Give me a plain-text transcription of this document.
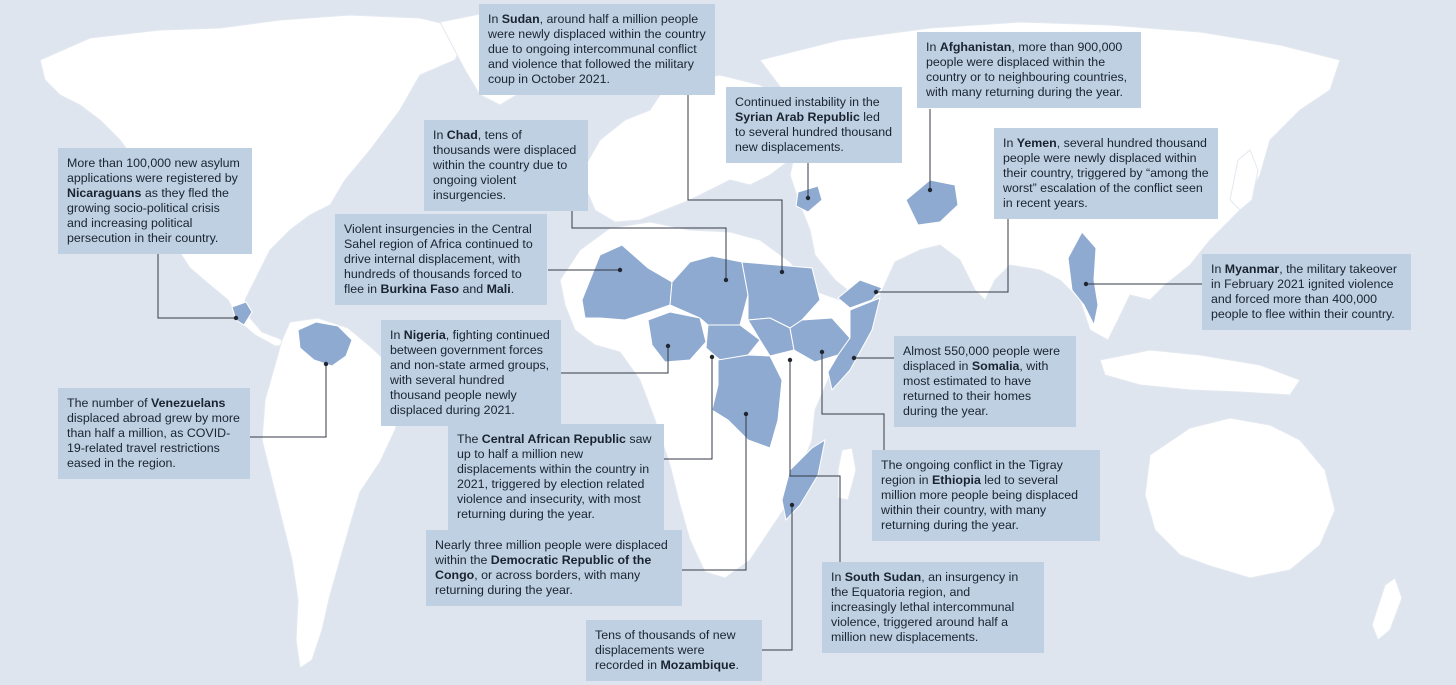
More than 100,000 new asylum applications were registered by Nicaraguans as they fled the growing socio-political crisis and increasing political persecution in their country.
The number of Venezuelans displaced abroad grew by more than half a million, as COVID-19-related travel restrictions eased in the region.
In Chad, tens of thousands were displaced within the country due to ongoing violent insurgencies.
Violent insurgencies in the Central Sahel region of Africa continued to drive internal displacement, with hundreds of thousands forced to flee in Burkina Faso and Mali.
In Nigeria, fighting continued between government forces and non-state armed groups, with several hundred thousand people newly displaced during 2021.
The Central African Republic saw up to half a million new displacements within the country in 2021, triggered by election related violence and insecurity, with most returning during the year.
Nearly three million people were displaced within the Democratic Republic of the Congo, or across borders, with many returning during the year.
Tens of thousands of new displacements were recorded in Mozambique.
In Sudan, around half a million people were newly displaced within the country due to ongoing intercommunal conflict and violence that followed the military coup in October 2021.
Continued instability in the Syrian Arab Republic led to several hundred thousand new displacements.
In Afghanistan, more than 900,000 people were displaced within the country or to neighbouring countries, with many returning during the year.
In Yemen, several hundred thousand people were newly displaced within their country, triggered by “among the worst” escalation of the conflict seen in recent years.
In Myanmar, the military takeover in February 2021 ignited violence and forced more than 400,000 people to flee within their country.
Almost 550,000 people were displaced in Somalia, with most estimated to have returned to their homes during the year.
The ongoing conflict in the Tigray region in Ethiopia led to several million more people being displaced within their country, with many returning during the year.
In South Sudan, an insurgency in the Equatoria region, and increasingly lethal intercommunal violence, triggered around half a million new displacements.
